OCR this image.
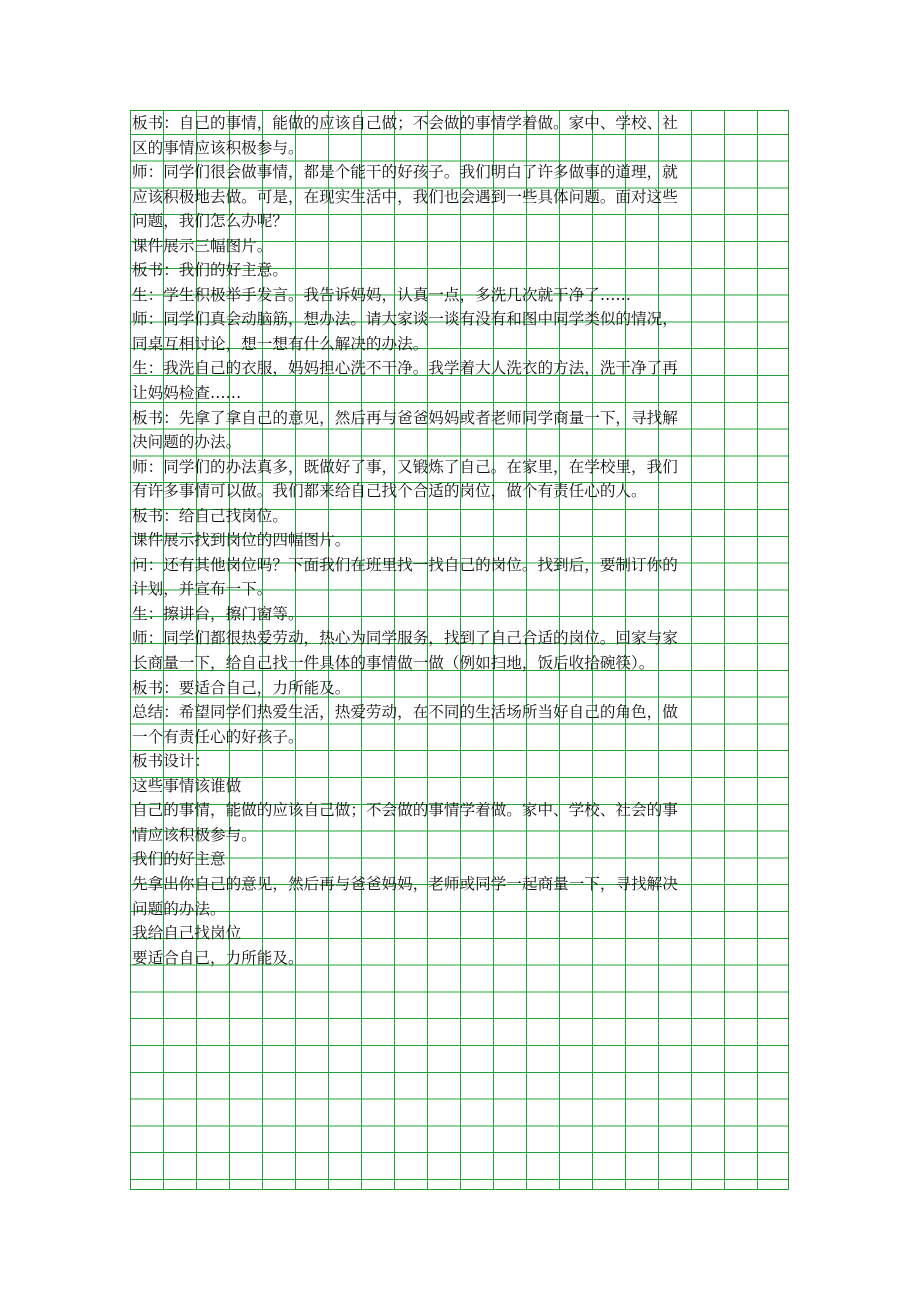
板书：自己的事情，能做的应该自己做；不会做的事情学着做。家中、学校、社
区的事情应该积极参与。
师：同学们很会做事情，都是个能干的好孩子。我们明白了许多做事的道理，就
应该积极地去做。可是，在现实生活中，我们也会遇到一些具体问题。面对这些
问题，我们怎么办呢？
课件展示三幅图片。
板书：我们的好主意。
生：学生积极举手发言。我告诉妈妈，认真一点，多洗几次就干净了……
师：同学们真会动脑筋，想办法。请大家谈一谈有没有和图中同学类似的情况，
同桌互相讨论，想一想有什么解决的办法。
生：我洗自己的衣服，妈妈担心洗不干净。我学着大人洗衣的方法，洗干净了再
让妈妈检查……
板书：先拿了拿自己的意见，然后再与爸爸妈妈或者老师同学商量一下，寻找解
决问题的办法。
师：同学们的办法真多，既做好了事，又锻炼了自己。在家里，在学校里，我们
有许多事情可以做。我们都来给自己找个合适的岗位，做个有责任心的人。
板书：给自己找岗位。
课件展示找到岗位的四幅图片。
问：还有其他岗位吗？下面我们在班里找一找自己的岗位。找到后，要制订你的
计划，并宣布一下。
生：擦讲台，擦门窗等。
师：同学们都很热爱劳动，热心为同学服务，找到了自己合适的岗位。回家与家
长商量一下，给自己找一件具体的事情做一做（例如扫地，饭后收拾碗筷）。
板书：要适合自己，力所能及。
总结：希望同学们热爱生活，热爱劳动，在不同的生活场所当好自己的角色，做
一个有责任心的好孩子。
板书设计：
这些事情该谁做
自己的事情，能做的应该自己做；不会做的事情学着做。家中、学校、社会的事
情应该积极参与。
我们的好主意
先拿出你自己的意见，然后再与爸爸妈妈，老师或同学一起商量一下，寻找解决
问题的办法。
我给自己找岗位
要适合自己，力所能及。
